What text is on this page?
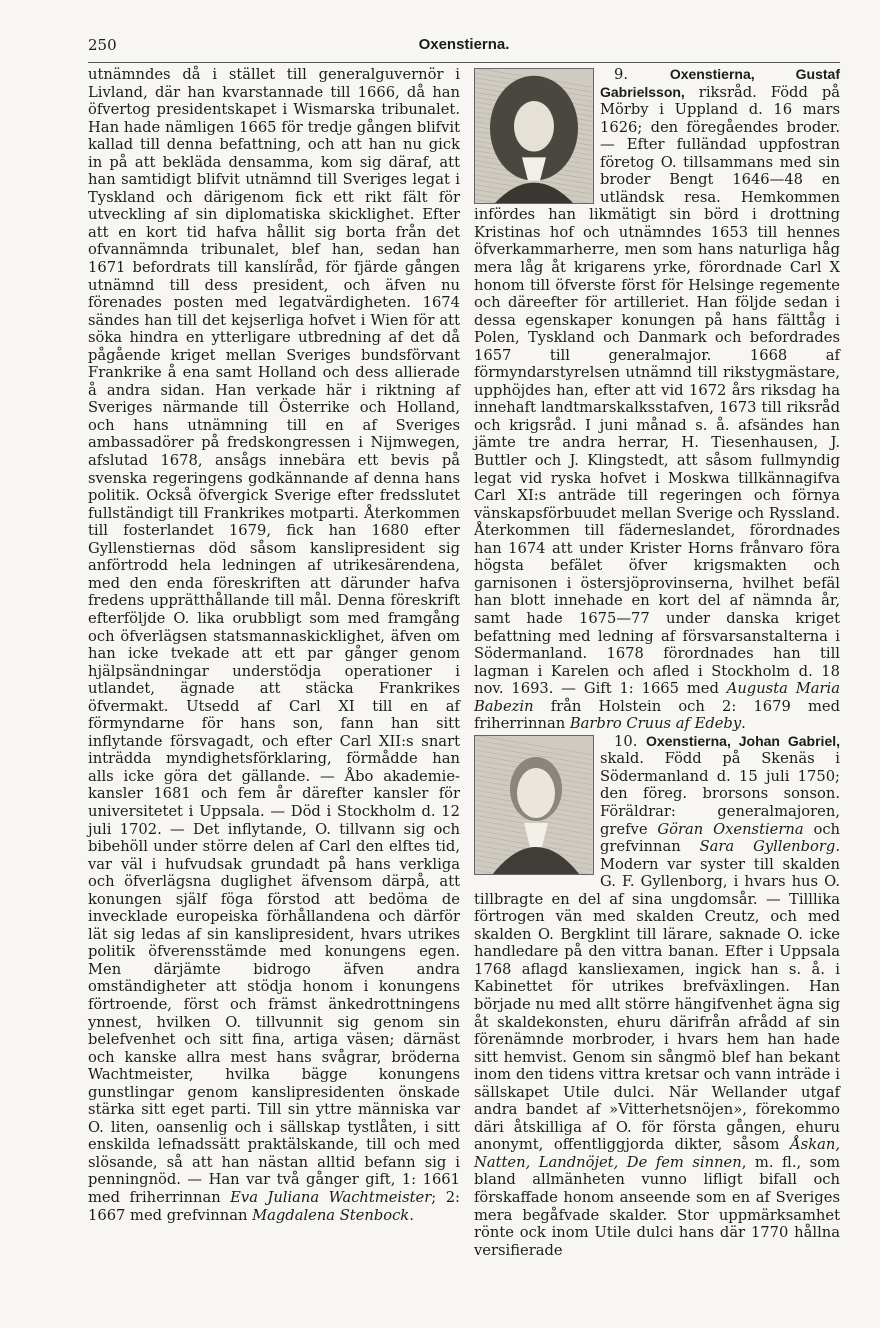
250	Oxenstierna.

utnämndes då i stället till generalguvernör i Livland, där han kvarstannade till 1666, då han öfvertog presidentskapet i Wismarska tribunalet. Han hade nämligen 1665 för tredje gången blifvit kallad till denna befattning, och att han nu gick in på att bekläda densamma, kom sig däraf, att han samtidigt blifvit utnämnd till Sveriges legat i Tyskland och därigenom fick ett rikt fält för utveckling af sin diplomatiska skicklighet. Efter att en kort tid hafva hållit sig borta från det ofvannämnda tribunalet, blef han, sedan han 1671 befordrats till kanslíråd, för fjärde gången utnämnd till dess president, och äfven nu förenades posten med legatvärdigheten. 1674 sändes han till det kejserliga hofvet i Wien för att söka hindra en ytterligare utbredning af det då pågående kriget mellan Sveriges bundsförvant Frankrike å ena samt Holland och dess allierade å andra sidan. Han verkade här i riktning af Sveriges närmande till Österrike och Holland, och hans utnämning till en af Sveriges ambassadörer på fredskongressen i Nijmwegen, afslutad 1678, ansågs innebära ett bevis på svenska regeringens godkännande af denna hans politik. Också öfvergick Sverige efter fredsslutet fullständigt till Frankrikes motparti. Återkommen till fosterlandet 1679, fick han 1680 efter Gyllenstiernas död såsom kanslipresident sig anförtrodd hela ledningen af utrikesärendena, med den enda föreskriften att därunder hafva fredens upprätthållande till mål. Denna föreskrift efterföljde O. lika orubbligt som med framgång och öfverlägsen statsmannaskicklighet, äfven om han icke tvekade att ett par gånger genom hjälpsändningar understödja operationer i utlandet, ägnade att stäcka Frankrikes öfvermakt. Utsedd af Carl XI till en af förmyndarne för hans son, fann han sitt inflytande försvagadt, och efter Carl XII:s snart inträdda myndighetsförklaring, förmådde han alls icke göra det gällande. — Åbo akademie-kansler 1681 och fem år därefter kansler för universitetet i Uppsala. — Död i Stockholm d. 12 juli 1702. — Det inflytande, O. tillvann sig och bibehöll under större delen af Carl den elftes tid, var väl i hufvudsak grundadt på hans verkliga och öfverlägsna duglighet äfvensom därpå, att konungen själf föga förstod att bedöma de invecklade europeiska förhållandena och därför lät sig ledas af sin kanslipresident, hvars utrikes politik öfverensstämde med konungens egen. Men därjämte bidrogo äfven andra omständigheter att stödja honom i konungens förtroende, först och främst änkedrottningens ynnest, hvilken O. tillvunnit sig genom sin belefvenhet och sitt fina, artiga väsen; därnäst och kanske allra mest hans svågrar, bröderna Wachtmeister, hvilka bägge konungens gunstlingar genom kanslipresidenten önskade stärka sitt eget parti. Till sin yttre människa var O. liten, oansenlig och i sällskap tystlåten, i sitt enskilda lefnadssätt praktälskande, till och med slösande, så att han nästan alltid befann sig i penningnöd. — Han var två gånger gift, 1: 1661 med friherrinnan Eva Juliana Wachtmeister; 2: 1667 med grefvinnan Magdalena Stenbock.

9.	Oxenstierna, Gustaf Gabrielsson, riksråd. Född på Mörby i Uppland d. 16 mars 1626; den föregåendes broder. — Efter fulländad uppfostran företog O. tillsammans med sin broder Bengt 1646—48 en utländsk resa. Hemkommen infördes han likmätigt sin börd i drottning Kristinas hof och utnämndes 1653 till hennes öfverkammarherre, men som hans naturliga håg mera låg åt krigarens yrke, förordnade Carl X honom till öfverste först för Helsinge regemente och däreefter för artilleriet. Han följde sedan i dessa egenskaper konungen på hans fälttåg i Polen, Tyskland och Danmark och befordrades 1657 till generalmajor. 1668 af förmyndarstyrelsen utnämnd till rikstygmästare, upphöjdes han, efter att vid 1672 års riksdag ha innehaft landtmarskalksstafven, 1673 till riksråd och krigsråd. I juni månad s. å. afsändes han jämte tre andra herrar, H. Tiesenhausen, J. Buttler och J. Klingstedt, att såsom fullmyndig legat vid ryska hofvet i Moskwa tillkännagifva Carl XI:s anträde till regeringen och förnya vänskapsförbuudet mellan Sverige och Ryssland. Återkommen till fäderneslandet, förordnades han 1674 att under Krister Horns frånvaro föra högsta befälet öfver krigsmakten och garnisonen i östersjöprovinserna, hvilhet befäl han blott innehade en kort del af nämnda år, samt hade 1675—77 under danska kriget befattning med ledning af försvarsanstalterna i Södermanland. 1678 förordnades han till lagman i Karelen och afled i Stockholm d. 18 nov. 1693. — Gift 1: 1665 med Augusta Maria Babezin från Holstein och 2: 1679 med friherrinnan Barbro Cruus af Edeby.

10. Oxenstierna, Johan Gabriel, skald. Född på Skenäs i Södermanland d. 15 juli 1750; den föreg. brorsons sonson. Föräldrar: generalmajoren, grefve Göran Oxenstierna och grefvinnan Sara Gyllenborg. Modern var syster till skalden G. F. Gyllenborg, i hvars hus O. tillbragte en del af sina ungdomsår. — Tilllika förtrogen vän med skalden Creutz, och med skalden O. Bergklint till lärare, saknade O. icke handledare på den vittra banan. Efter i Uppsala 1768 aflagd kansliexamen, ingick han s. å. i Kabinettet för utrikes brefväxlingen. Han började nu med allt större hängifvenhet ägna sig åt skaldekonsten, ehuru därifrån afrådd af sin förenämnde morbroder, i hvars hem han hade sitt hemvist. Genom sin sångmö blef han bekant inom den tidens vittra kretsar och vann inträde i sällskapet Utile dulci. När Wellander utgaf andra bandet af »Vitterhetsnöjen», förekommo däri åtskilliga af O. för första gången, ehuru anonymt, offentliggjorda dikter, såsom Åskan, Natten, Landnöjet, De fem sinnen, m. fl., som bland allmänheten vunno lifligt bifall och förskaffade honom anseende som en af Sveriges mera begåfvade skalder. Stor uppmärksamhet rönte ock inom Utile dulci hans där 1770 hållna versifierade
